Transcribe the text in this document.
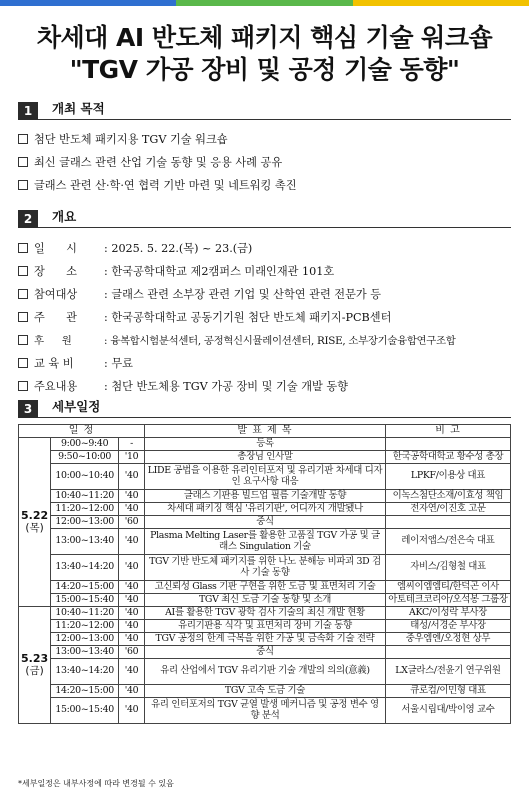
차세대 AI 반도체 패키지 핵심 기술 워크숍
"TGV 가공 장비 및 공정 기술 동향"
1	개최 목적
첨단 반도체 패키지용 TGV 기술 워크숍
최신 글래스 관련 산업 기술 동향 및 응용 사례 공유
글래스 관련 산·학·연 협력 기반 마련 및 네트워킹 촉진
2	개요
일      시 : 2025. 5. 22.(목) ~ 23.(금)
장      소 : 한국공학대학교 제2캠퍼스 미래인재관 101호
참여대상 : 글래스 관련 소부장 관련 기업 및 산학연 관련 전문가 등
주      관 : 한국공학대학교 공동기기원 첨단 반도체 패키지-PCB센터
후      원	: 융복합시험분석센터, 공정혁신시뮬레이션센터, RISE, 소부장기술융합연구조합
교 육 비	: 무료
주요내용 : 첨단 반도체용 TGV 가공 장비 및 기술 개발 동향
3	세부일정
일 정			발 표 제 목	비 고

5.22
(목)	9:00~9:40	-	등록	
	9:50~10:00	'10	총장님 인사말	한국공학대학교 황수성 총장
	10:00~10:40	'40	LIDE 공법을 이용한 유리인터포저 및 유리기판 차세대 디자인 요구사항 대응	LPKF/이용상 대표
	10:40~11:20	'40	글래스 기판용 빌드업 필름 기술개발 동향	이녹스첨단소재/이효성 책임
	11:20~12:00	'40	차세대 패키징 핵심 '유리기판', 어디까지 개발됐나	전자연/이진호 고문
	12:00~13:00	'60	중식	
	13:00~13:40	'40	Plasma Melting Laser를 활용한 고품질 TGV 가공 및 글래스 Singulation 기술	레이저앱스/전은숙 대표
	13:40~14:20	'40	TGV 기반 반도체 패키지를 위한 나노 분해능 비파괴 3D 검사 기술 동향	자비스/김형철 대표
	14:20~15:00	'40	고신뢰성 Glass 기판 구현을 위한 도금 및 표면처리 기술	엠씨이엠엠티/한덕곤 이사
	15:00~15:40	'40	TGV 최신 도금 기술 동향 및 소개	아토테크코리아/오석봉 그룹장

5.23
(금)	10:40~11:20	'40	AI를 활용한 TGV 광학 검사 기술의 최신 개발 현황	AKC/이성락 부사장
	11:20~12:00	'40	유리기판용 식각 및 표면처리 장비 기술 동향	태성/서경순 부사장
	12:00~13:00	'40	TGV 공정의 한계 극복을 위한 가공 및 금속화 기술 전략	중우엠엔/오정현 상무
	13:00~13:40	'60	중식	
	13:40~14:20	'40	유리 산업에서 TGV 유리기판 기술 개발의 의의(意義)	LX글라스/전윤기 연구위원
	14:20~15:00	'40	TGV 고속 도금 기술	큐로컴/이민형 대표
	15:00~15:40	'40	유리 인터포저의 TGV 균열 발생 메커니즘 및 공정 변수 영향 분석	서울시립대/박이영 교수
*세부일정은 내부사정에 따라 변경될 수 있음
